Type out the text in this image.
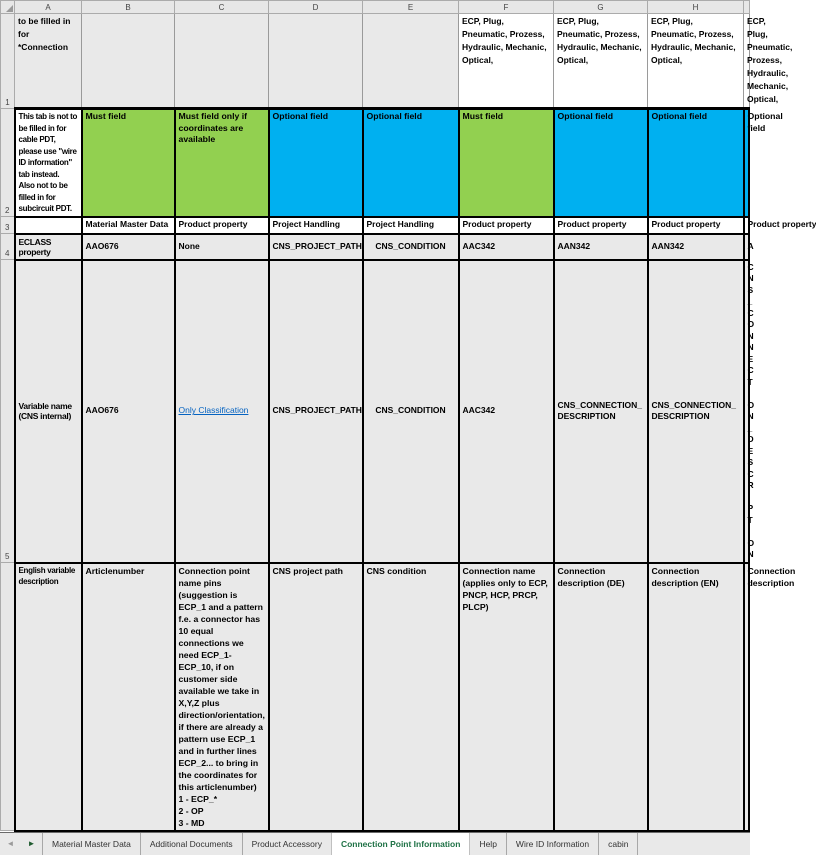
	A	B	C	D	E	F	G	H	
1	to be filled in
for
*Connection					ECP, Plug, Pneumatic, Prozess, Hydraulic, Mechanic, Optical,	ECP, Plug, Pneumatic, Prozess, Hydraulic, Mechanic, Optical,	ECP, Plug, Pneumatic, Prozess, Hydraulic, Mechanic, Optical,	ECP, Plug, Pneumatic, Prozess, Hydraulic, Mechanic, Optical,
2	This tab is not to be filled in for cable PDT, please use "wire ID information" tab instead.
Also not to be filled in for subcircuit PDT.	Must field	Must field only if coordinates are available	Optional field	Optional field	Must field	Optional field	Optional field	Optional field
3		Material Master Data	Product property	Project Handling	Project Handling	Product property	Product property	Product property	Product property
4	ECLASS property	AAO676	None	CNS_PROJECT_PATH	CNS_CONDITION	AAC342	AAN342	AAN342	A
5	Variable name
(CNS internal)	AAO676	Only Classification	CNS_PROJECT_PATH	CNS_CONDITION	AAC342	CNS_CONNECTION_DESCRIPTION	CNS_CONNECTION_DESCRIPTION	CNS_CONNECTION_DESCRIPTION
	English variable
description	Articlenumber	Connection point name pins
(suggestion is ECP_1 and a pattern f.e. a connector has 10 equal connections we need ECP_1-ECP_10, if on customer side available we take in X,Y,Z plus direction/orientation, if there are already a pattern use ECP_1 and in further lines ECP_2... to bring in the coordinates for this articlenumber)
1 - ECP_*
2 - OP
3 - MD	CNS project path	CNS condition	Connection name
(applies only to ECP, PNCP, HCP, PRCP, PLCP)	Connection description (DE)	Connection description (EN)	Connection description
◄	►	Material Master Data	Additional Documents	Product Accessory	Connection Point Information	Help	Wire ID Information	cabin
